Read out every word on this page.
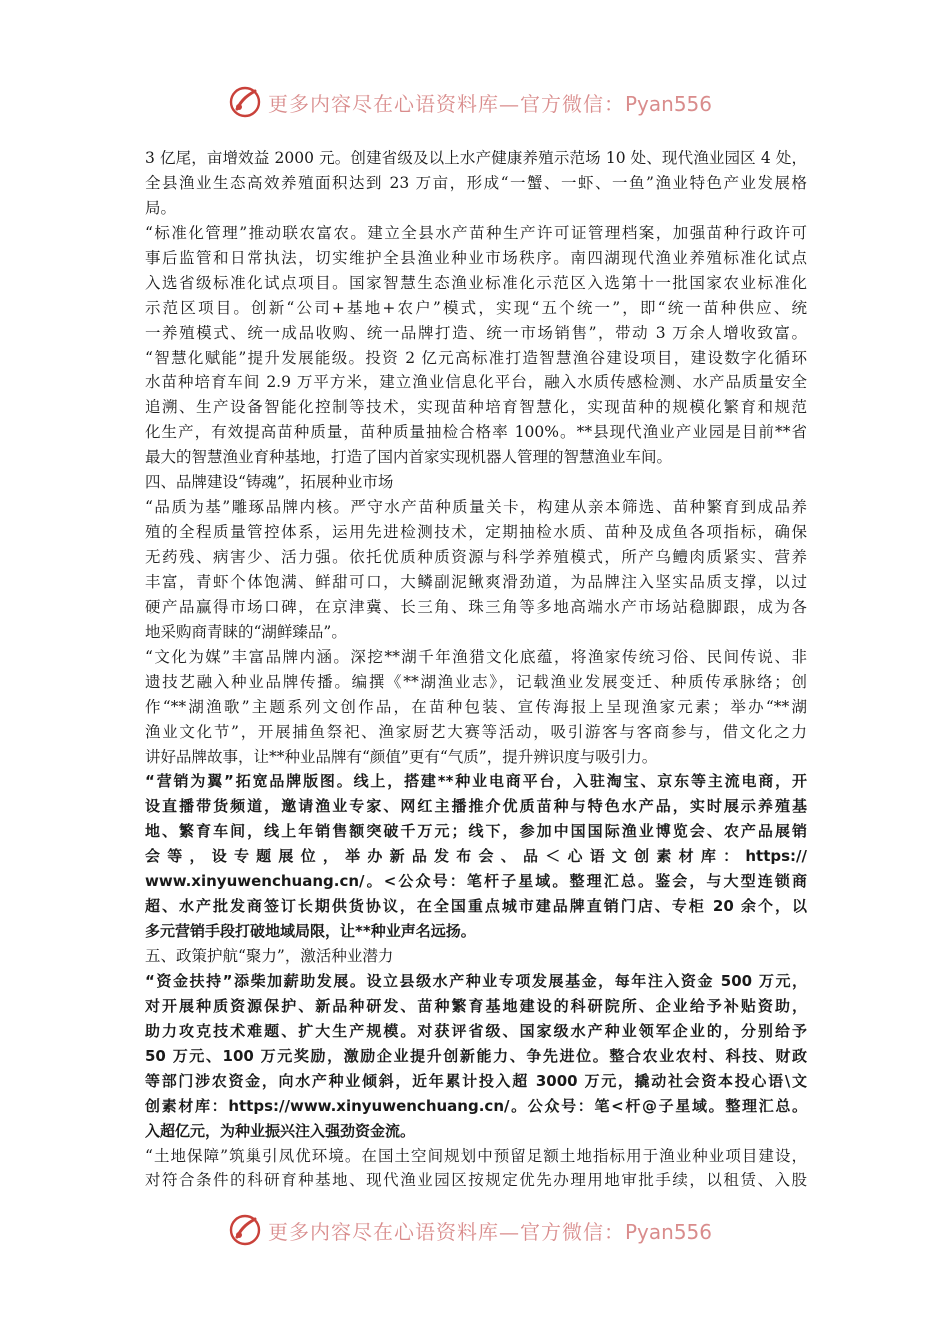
更多内容尽在心语资料库—官方微信：Pyan556
3 亿尾，亩增效益 2000 元。创建省级及以上水产健康养殖示范场 10 处、现代渔业园区 4 处，
全县渔业生态高效养殖面积达到 23 万亩，形成“一蟹、一虾、一鱼”渔业特色产业发展格
局。
“标准化管理”推动联农富农。建立全县水产苗种生产许可证管理档案，加强苗种行政许可
事后监管和日常执法，切实维护全县渔业种业市场秩序。南四湖现代渔业养殖标准化试点
入选省级标准化试点项目。国家智慧生态渔业标准化示范区入选第十一批国家农业标准化
示范区项目。创新“公司+基地+农户”模式，实现“五个统一”，即“统一苗种供应、统
一养殖模式、统一成品收购、统一品牌打造、统一市场销售”，带动 3 万余人增收致富。
“智慧化赋能”提升发展能级。投资 2 亿元高标准打造智慧渔谷建设项目，建设数字化循环
水苗种培育车间 2.9 万平方米，建立渔业信息化平台，融入水质传感检测、水产品质量安全
追溯、生产设备智能化控制等技术，实现苗种培育智慧化，实现苗种的规模化繁育和规范
化生产，有效提高苗种质量，苗种质量抽检合格率 100%。**县现代渔业产业园是目前**省
最大的智慧渔业育种基地，打造了国内首家实现机器人管理的智慧渔业车间。
四、品牌建设“铸魂”，拓展种业市场
“品质为基”雕琢品牌内核。严守水产苗种质量关卡，构建从亲本筛选、苗种繁育到成品养
殖的全程质量管控体系，运用先进检测技术，定期抽检水质、苗种及成鱼各项指标，确保
无药残、病害少、活力强。依托优质种质资源与科学养殖模式，所产乌鳢肉质紧实、营养
丰富，青虾个体饱满、鲜甜可口，大鳞副泥鳅爽滑劲道，为品牌注入坚实品质支撑，以过
硬产品赢得市场口碑，在京津冀、长三角、珠三角等多地高端水产市场站稳脚跟，成为各
地采购商青睐的“湖鲜臻品”。
“文化为媒”丰富品牌内涵。深挖**湖千年渔猎文化底蕴，将渔家传统习俗、民间传说、非
遗技艺融入种业品牌传播。编撰《**湖渔业志》，记载渔业发展变迁、种质传承脉络；创
作“**湖渔歌”主题系列文创作品，在苗种包装、宣传海报上呈现渔家元素；举办“**湖
渔业文化节”，开展捕鱼祭祀、渔家厨艺大赛等活动，吸引游客与客商参与，借文化之力
讲好品牌故事，让**种业品牌有“颜值”更有“气质”，提升辨识度与吸引力。
“营销为翼”拓宽品牌版图。线上，搭建**种业电商平台，入驻淘宝、京东等主流电商，开
设直播带货频道，邀请渔业专家、网红主播推介优质苗种与特色水产品，实时展示养殖基
地、繁育车间，线上年销售额突破千万元；线下，参加中国国际渔业博览会、农产品展销
会等，设专题展位，举办新品发布会、品＜心语文创素材库：https://
www.xinyuwenchuang.cn/。<公众号：笔杆子星域。整理汇总。鉴会，与大型连锁商
超、水产批发商签订长期供货协议，在全国重点城市建品牌直销门店、专柜 20 余个，以
多元营销手段打破地域局限，让**种业声名远扬。
五、政策护航“聚力”，激活种业潜力
“资金扶持”添柴加薪助发展。设立县级水产种业专项发展基金，每年注入资金 500 万元，
对开展种质资源保护、新品种研发、苗种繁育基地建设的科研院所、企业给予补贴资助，
助力攻克技术难题、扩大生产规模。对获评省级、国家级水产种业领军企业的，分别给予
50 万元、100 万元奖励，激励企业提升创新能力、争先进位。整合农业农村、科技、财政
等部门涉农资金，向水产种业倾斜，近年累计投入超 3000 万元，撬动社会资本投心语\文
创素材库：https://www.xinyuwenchuang.cn/。公众号：笔<杆@子星域。整理汇总。
入超亿元，为种业振兴注入强劲资金流。
“土地保障”筑巢引凤优环境。在国土空间规划中预留足额土地指标用于渔业种业项目建设，
对符合条件的科研育种基地、现代渔业园区按规定优先办理用地审批手续，以租赁、入股
更多内容尽在心语资料库—官方微信：Pyan556
